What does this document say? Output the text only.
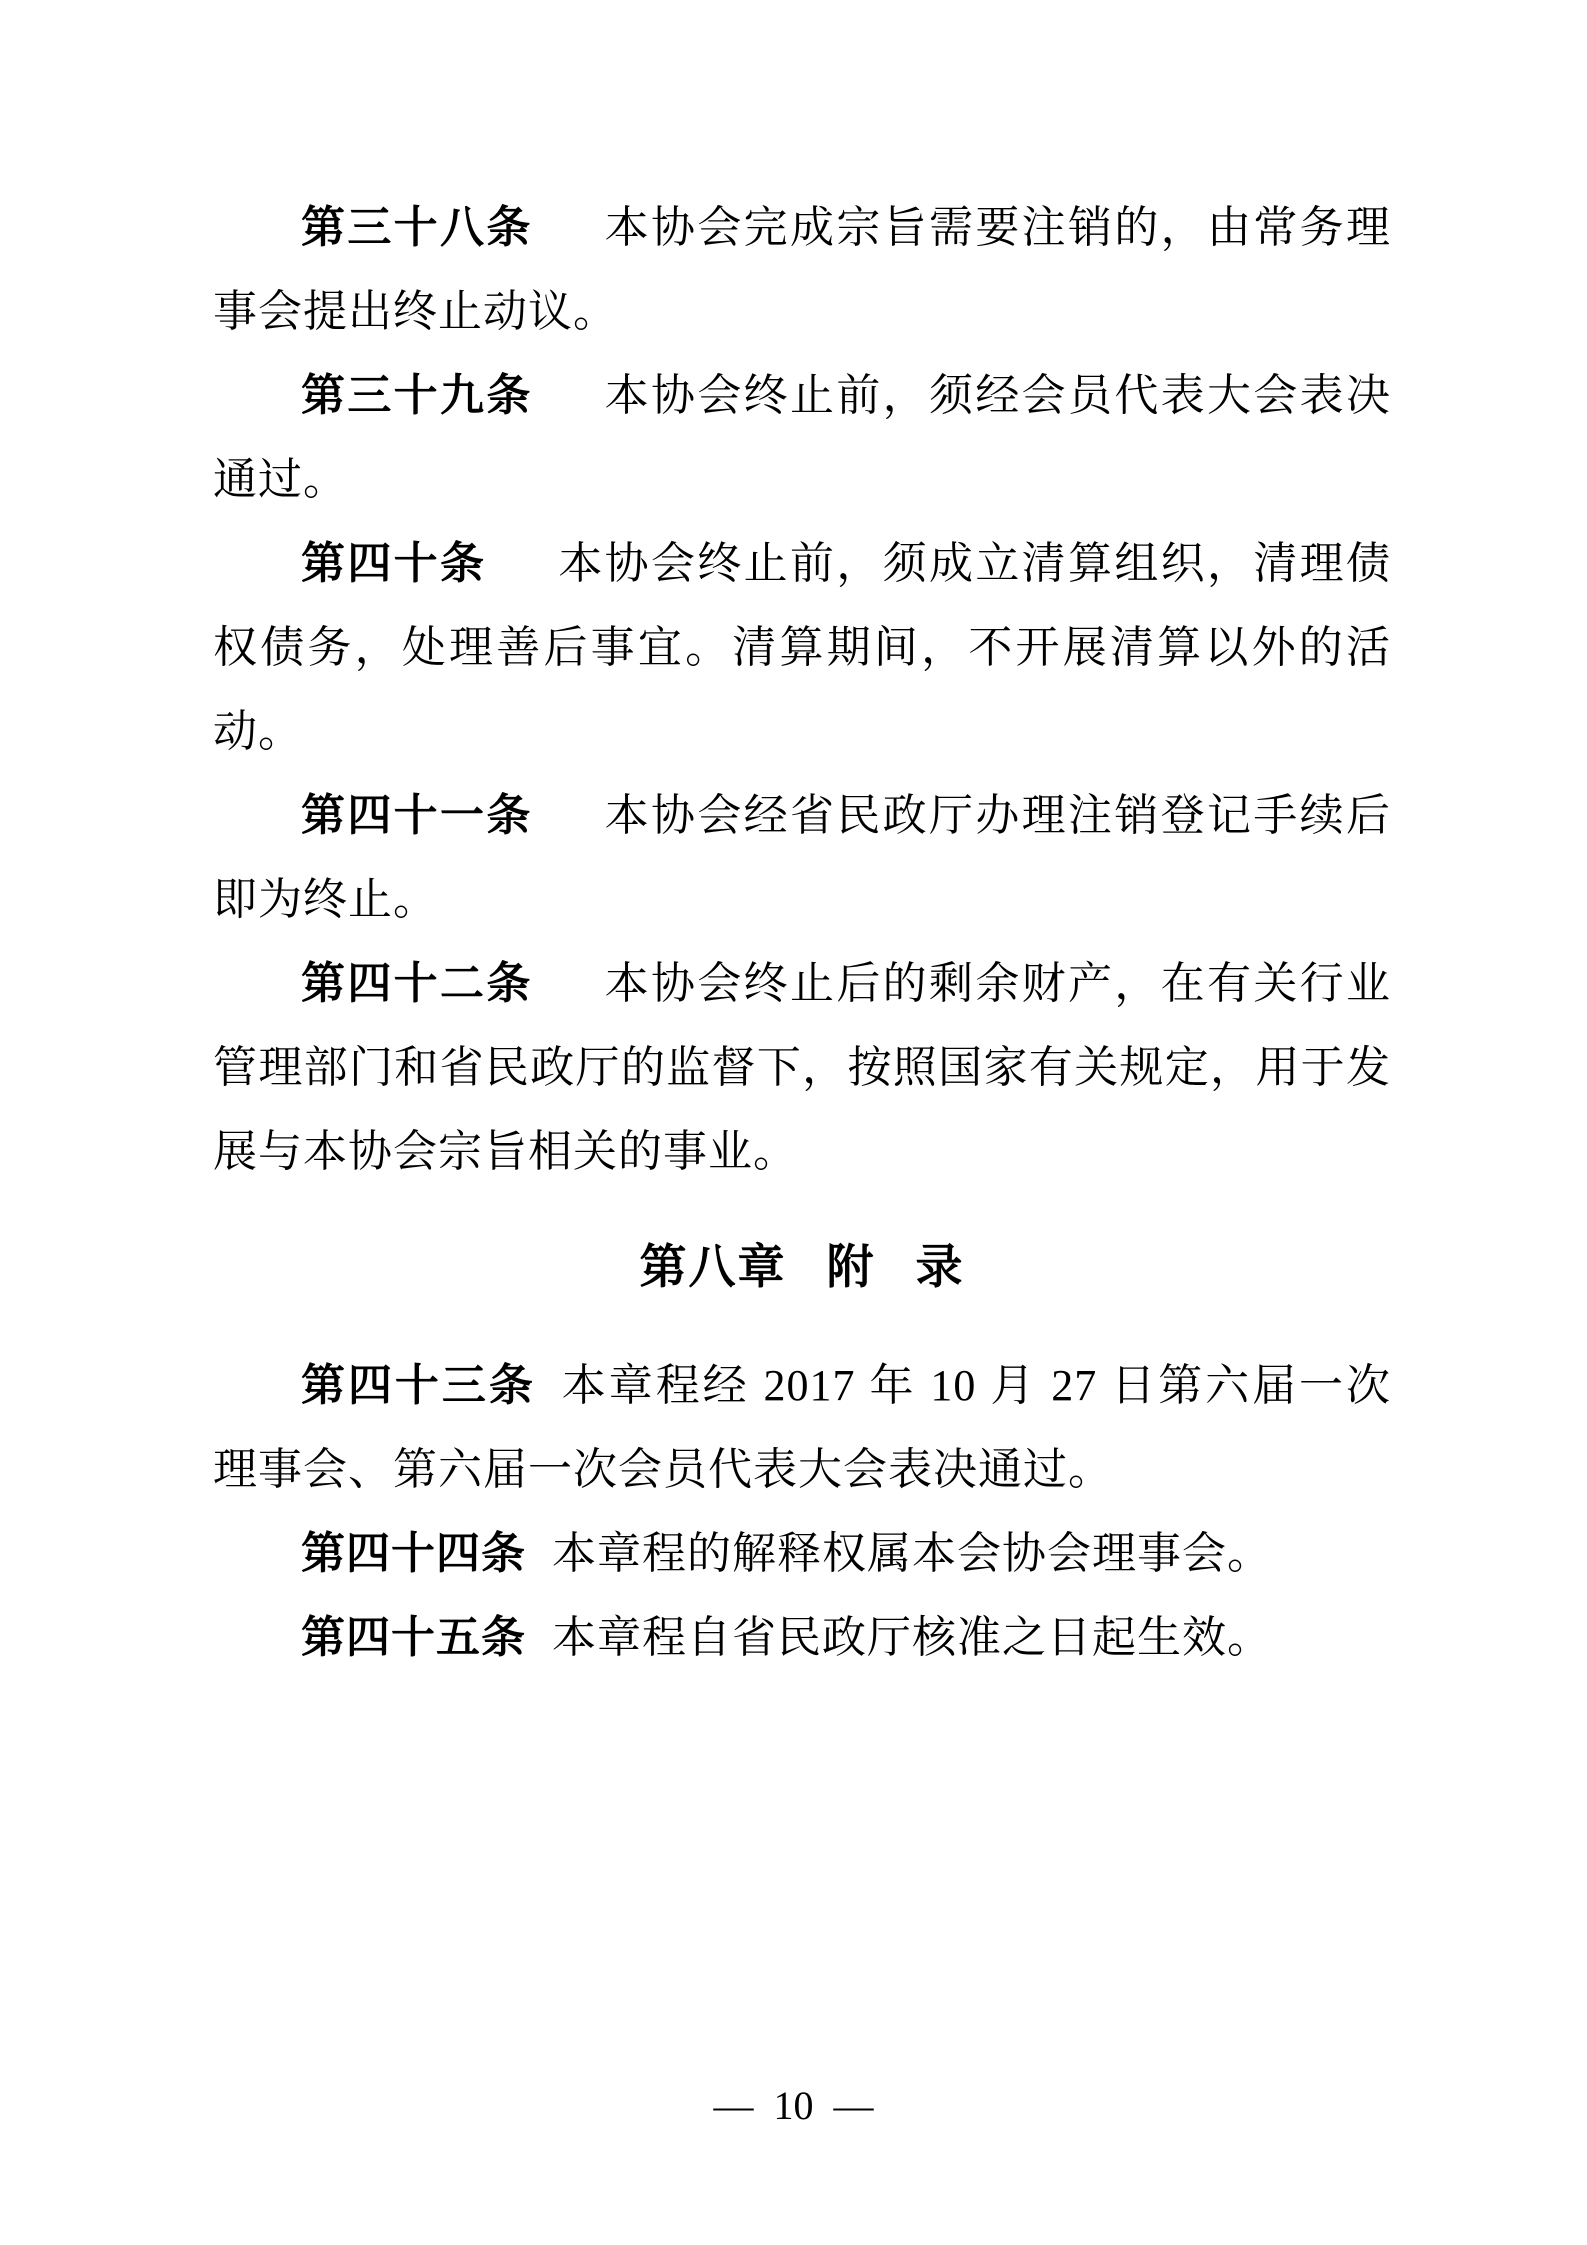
第三十八条 本协会完成宗旨需要注销的，由常务理事会提出终止动议。

第三十九条 本协会终止前，须经会员代表大会表决通过。

第四十条 本协会终止前，须成立清算组织，清理债权债务，处理善后事宜。清算期间，不开展清算以外的活动。

第四十一条 本协会经省民政厅办理注销登记手续后即为终止。

第四十二条 本协会终止后的剩余财产，在有关行业管理部门和省民政厅的监督下，按照国家有关规定，用于发展与本协会宗旨相关的事业。

第八章 附 录

第四十三条 本章程经 2017 年 10 月 27 日第六届一次理事会、第六届一次会员代表大会表决通过。

第四十四条 本章程的解释权属本会协会理事会。

第四十五条 本章程自省民政厅核准之日起生效。

— 10 —
